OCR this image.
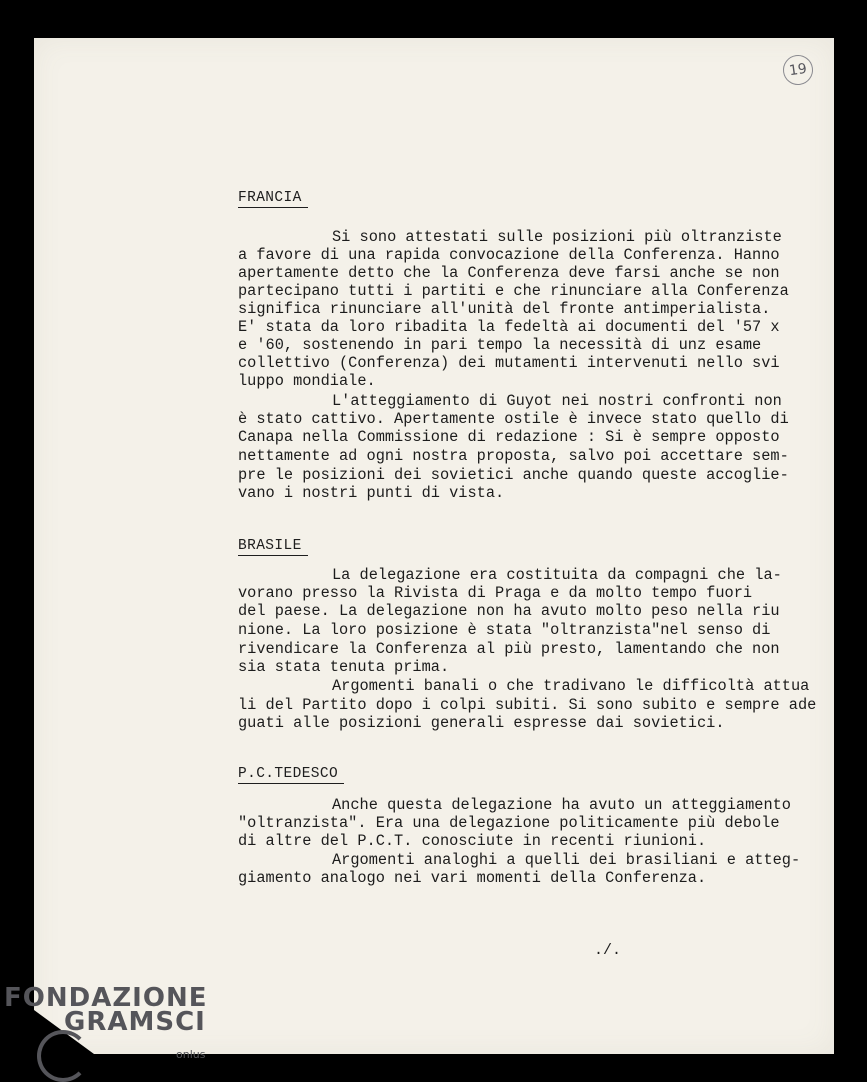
19
FRANCIA
Si sono attestati sulle posizioni più oltranziste
a favore di una rapida convocazione della Conferenza. Hanno
apertamente detto che la Conferenza deve farsi anche se non
partecipano tutti i partiti e che rinunciare alla Conferenza
significa rinunciare all'unità del fronte antimperialista.
E' stata da loro ribadita la fedeltà ai documenti del '57 x
e '60, sostenendo in pari tempo la necessità di unz esame
collettivo (Conferenza) dei mutamenti intervenuti nello svi
luppo mondiale.
L'atteggiamento di Guyot nei nostri confronti non
è stato cattivo. Apertamente ostile è invece stato quello di
Canapa nella Commissione di redazione : Si è sempre opposto
nettamente ad ogni nostra proposta, salvo poi accettare sem-
pre le posizioni dei sovietici anche quando queste accoglie-
vano i nostri punti di vista.
BRASILE
La delegazione era costituita da compagni che la-
vorano presso la Rivista di Praga e da molto tempo fuori
del paese. La delegazione non ha avuto molto peso nella riu
nione. La loro posizione è stata "oltranzista"nel senso di
rivendicare la Conferenza al più presto, lamentando che non
sia stata tenuta prima.
Argomenti banali o che tradivano le difficoltà attua
li del Partito dopo i colpi subiti. Si sono subito e sempre ade
guati alle posizioni generali espresse dai sovietici.
P.C.TEDESCO
Anche questa delegazione ha avuto un atteggiamento
"oltranzista". Era una delegazione politicamente più debole
di altre del P.C.T. conosciute in recenti riunioni.
Argomenti analoghi a quelli dei brasiliani e atteg-
giamento analogo nei vari momenti della Conferenza.
./.
FONDAZIONE
GRAMSCI
onlus
